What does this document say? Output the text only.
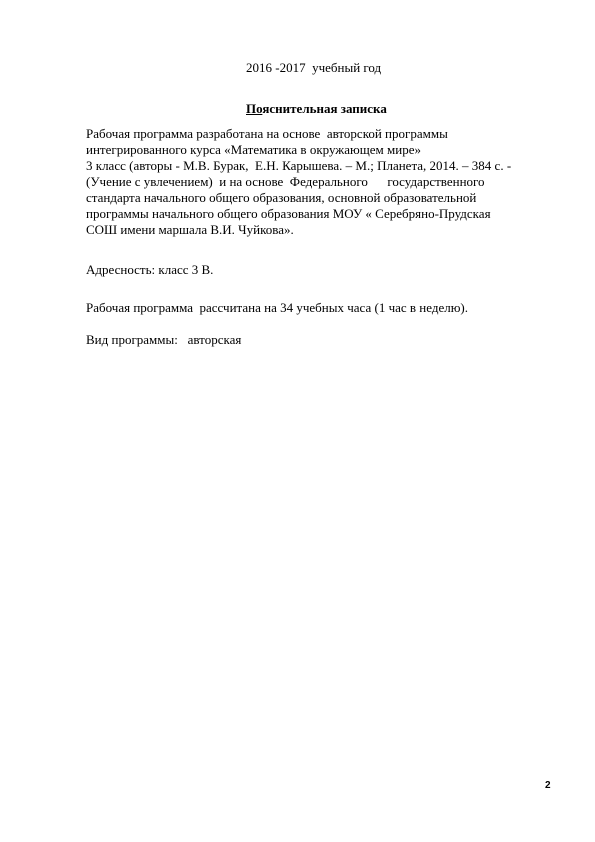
2016 -2017  учебный год
Пояснительная записка
Рабочая программа разработана на основе  авторской программы
интегрированного курса «Математика в окружающем мире»
3 класс (авторы - М.В. Бурак,  Е.Н. Карышева. – М.; Планета, 2014. – 384 с. -
(Учение с увлечением)  и на основе  Федерального      государственного
стандарта начального общего образования, основной образовательной
программы начального общего образования МОУ « Серебряно-Прудская
СОШ имени маршала В.И. Чуйкова».
Адресность: класс 3 В.
Рабочая программа  рассчитана на 34 учебных часа (1 час в неделю).
Вид программы:   авторская
2
